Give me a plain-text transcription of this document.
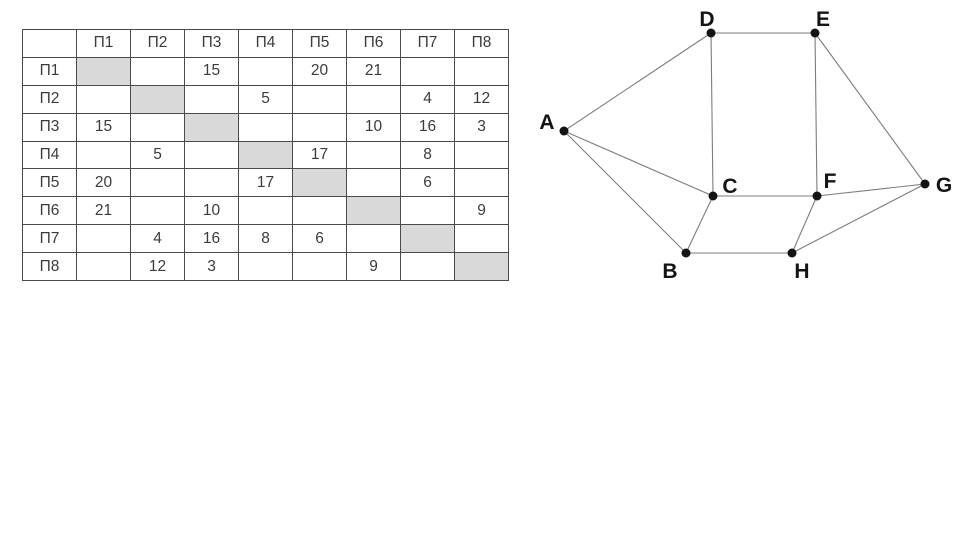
	П1	П2	П3	П4	П5	П6	П7	П8
П1			15		20	21		
П2				5			4	12
П3	15					10	16	3
П4		5			17		8	
П5	20			17			6	
П6	21		10					9
П7		4	16	8	6			
П8		12	3			9		
A
B
C
D	E
F	G
H
